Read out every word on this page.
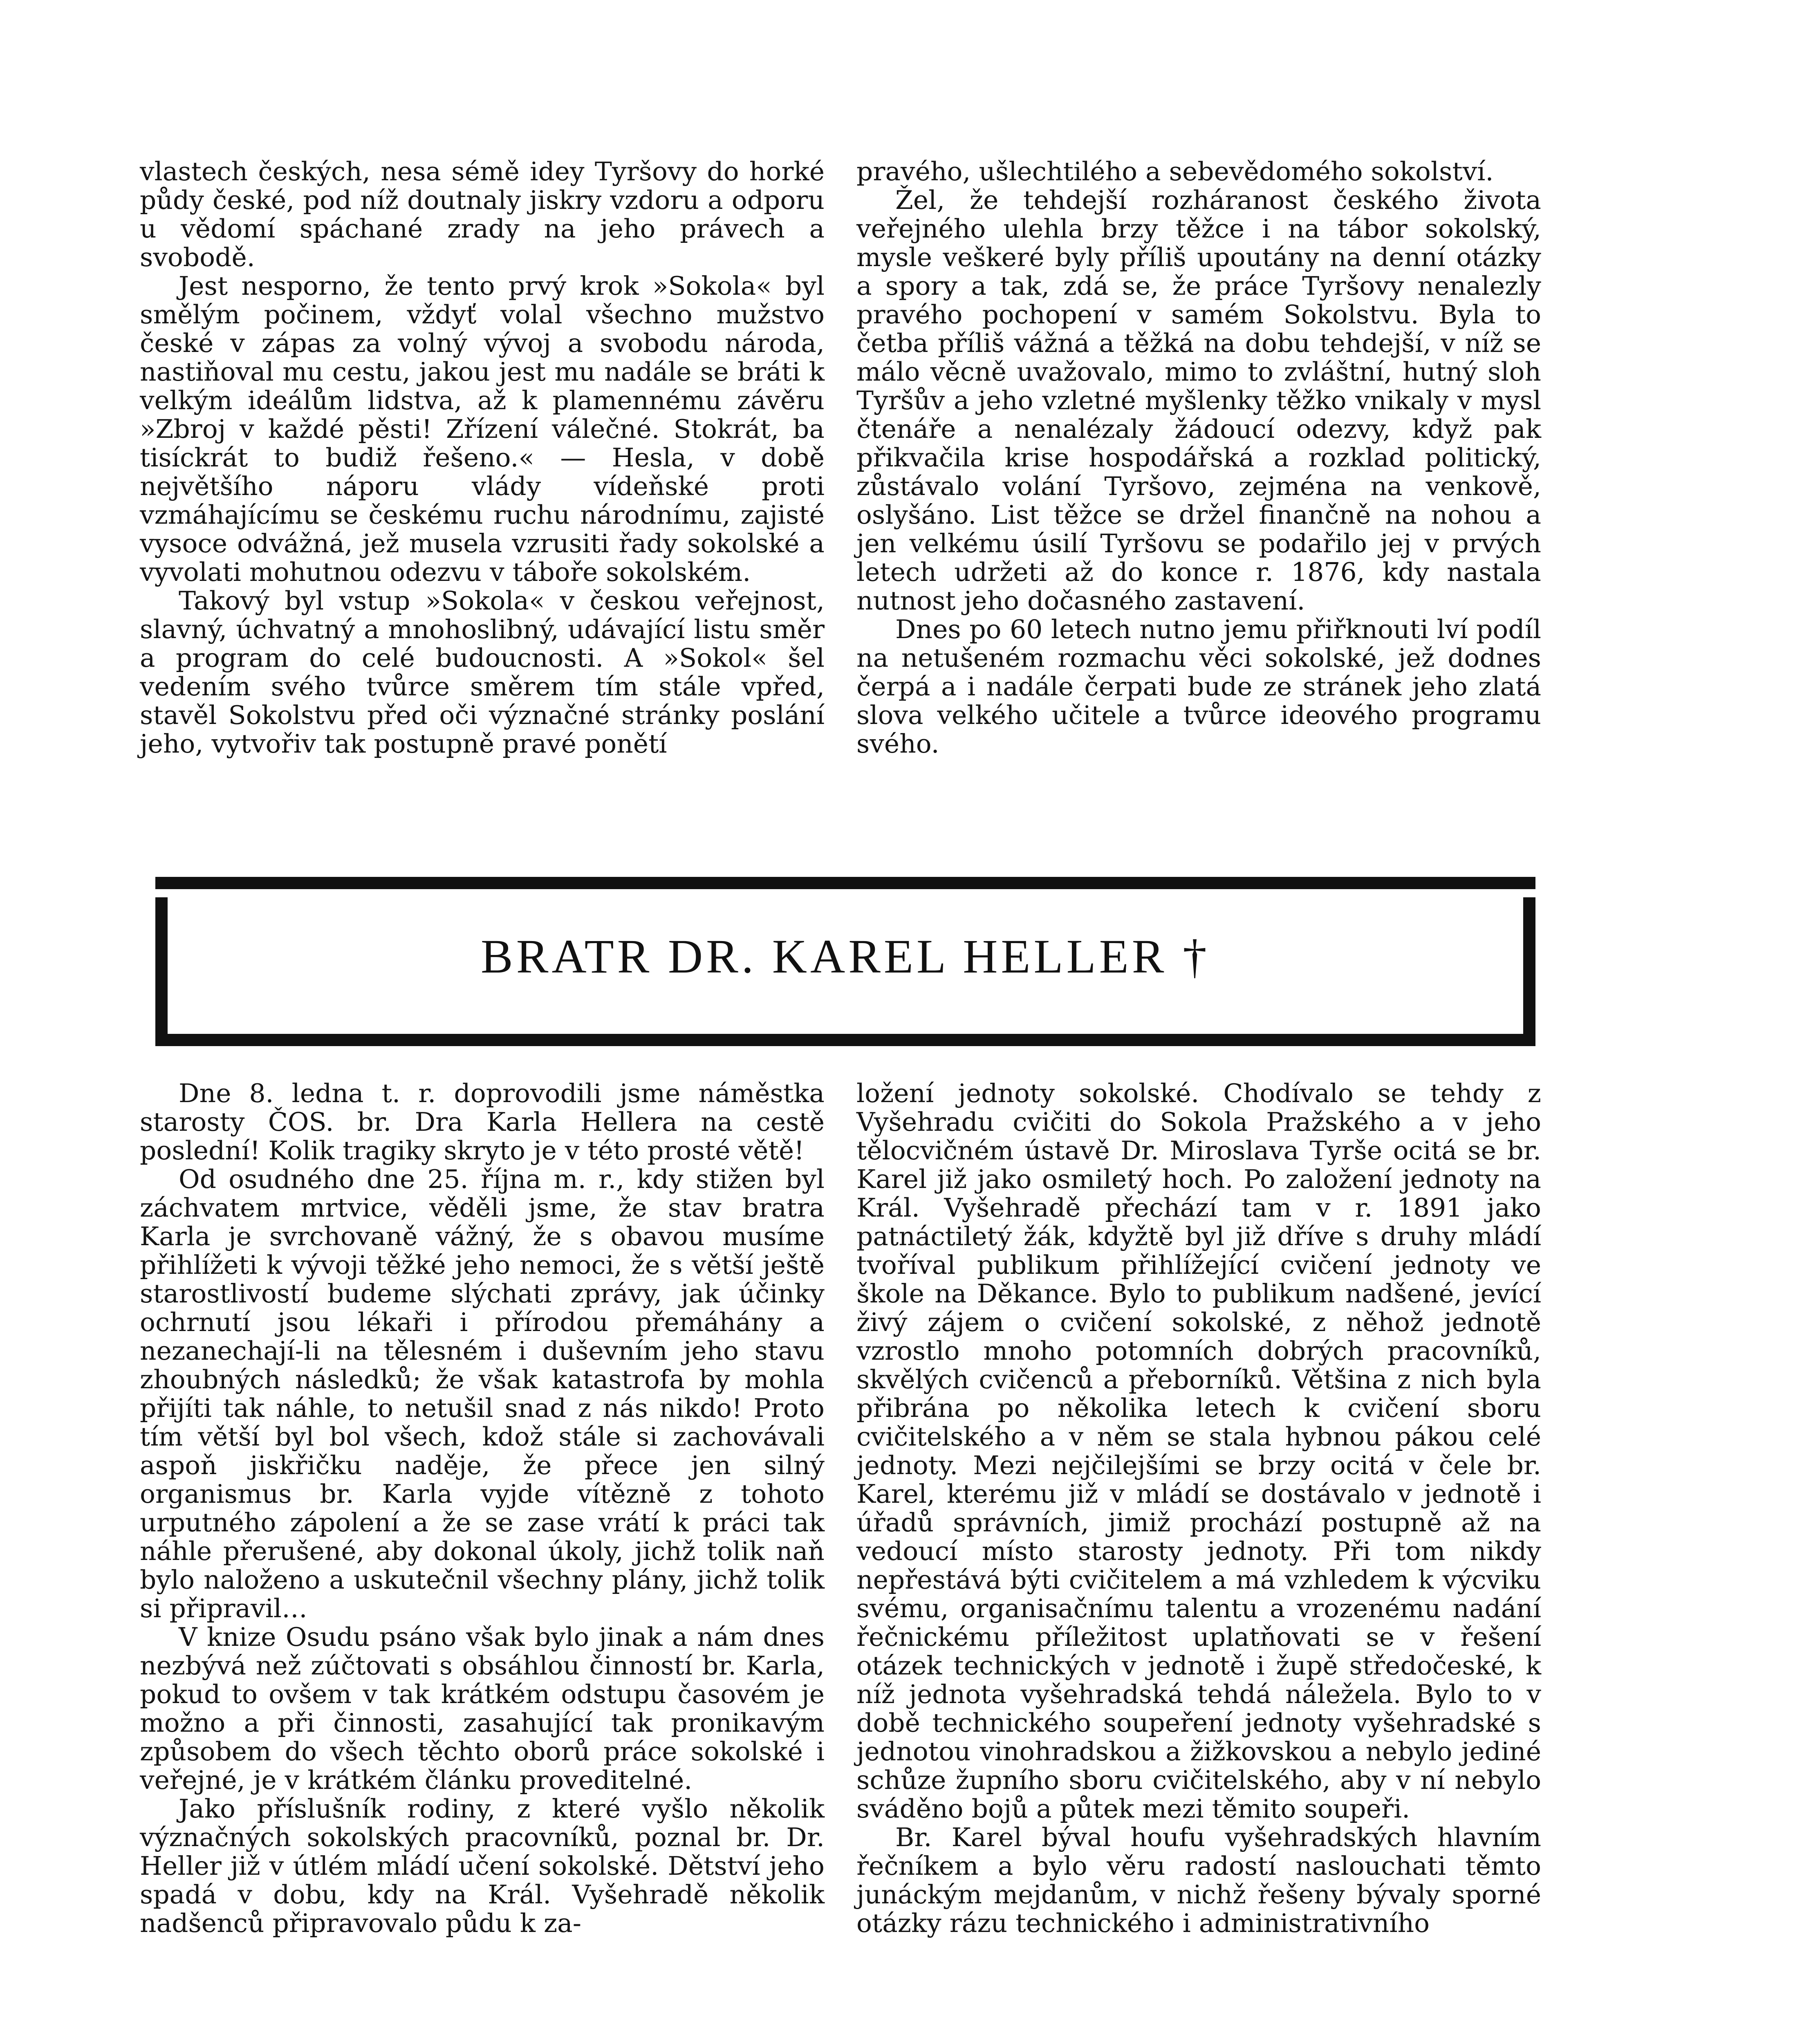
vlastech českých, nesa sémě idey Tyršovy do horké půdy české, pod níž doutnaly jiskry vzdoru a odporu u vědomí spáchané zrady na jeho právech a svobodě.

Jest nesporno, že tento prvý krok »Sokola« byl smělým počinem, vždyť volal všechno mužstvo české v zápas za volný vývoj a svobodu národa, nastiňoval mu cestu, jakou jest mu nadále se bráti k velkým ideálům lidstva, až k plamennému závěru »Zbroj v každé pěsti! Zřízení válečné. Stokrát, ba tisíckrát to budiž řešeno.« — Hesla, v době největšího náporu vlády vídeňské proti vzmáhajícímu se českému ruchu národnímu, zajisté vysoce odvážná, jež musela vzrusiti řady sokolské a vyvolati mohutnou odezvu v táboře sokolském.

Takový byl vstup »Sokola« v českou veřejnost, slavný, úchvatný a mnohoslibný, udávající listu směr a program do celé budoucnosti. A »Sokol« šel vedením svého tvůrce směrem tím stále vpřed, stavěl Sokolstvu před oči význačné stránky poslání jeho, vytvořiv tak postupně pravé ponětí

pravého, ušlechtilého a sebevědomého sokolství.

Žel, že tehdejší rozháranost českého života veřejného ulehla brzy těžce i na tábor sokolský, mysle veškeré byly příliš upoutány na denní otázky a spory a tak, zdá se, že práce Tyršovy nenalezly pravého pochopení v samém Sokolstvu. Byla to četba příliš vážná a těžká na dobu tehdejší, v níž se málo věcně uvažovalo, mimo to zvláštní, hutný sloh Tyršův a jeho vzletné myšlenky těžko vnikaly v mysl čtenáře a nenalézaly žádoucí odezvy, když pak přikvačila krise hospodářská a rozklad politický, zůstávalo volání Tyršovo, zejména na venkově, oslyšáno. List těžce se držel finančně na nohou a jen velkému úsilí Tyršovu se podařilo jej v prvých letech udržeti až do konce r. 1876, kdy nastala nutnost jeho dočasného zastavení.

Dnes po 60 letech nutno jemu přiřknouti lví podíl na netušeném rozmachu věci sokolské, jež dodnes čerpá a i nadále čerpati bude ze stránek jeho zlatá slova velkého učitele a tvůrce ideového programu svého.

BRATR DR. KAREL HELLER †

Dne 8. ledna t. r. doprovodili jsme náměstka starosty ČOS. br. Dra Karla Hellera na cestě poslední! Kolik tragiky skryto je v této prosté větě!

Od osudného dne 25. října m. r., kdy stižen byl záchvatem mrtvice, věděli jsme, že stav bratra Karla je svrchovaně vážný, že s obavou musíme přihlížeti k vývoji těžké jeho nemoci, že s větší ještě starostlivostí budeme slýchati zprávy, jak účinky ochrnutí jsou lékaři i přírodou přemáhány a nezanechají-li na tělesném i duševním jeho stavu zhoubných následků; že však katastrofa by mohla přijíti tak náhle, to netušil snad z nás nikdo! Proto tím větší byl bol všech, kdož stále si zachovávali aspoň jiskřičku naděje, že přece jen silný organismus br. Karla vyjde vítězně z tohoto urputného zápolení a že se zase vrátí k práci tak náhle přerušené, aby dokonal úkoly, jichž tolik naň bylo naloženo a uskutečnil všechny plány, jichž tolik si připravil…

V knize Osudu psáno však bylo jinak a nám dnes nezbývá než zúčtovati s obsáhlou činností br. Karla, pokud to ovšem v tak krátkém odstupu časovém je možno a při činnosti, zasahující tak pronikavým způsobem do všech těchto oborů práce sokolské i veřejné, je v krátkém článku proveditelné.

Jako příslušník rodiny, z které vyšlo několik význačných sokolských pracovníků, poznal br. Dr. Heller již v útlém mládí učení sokolské. Dětství jeho spadá v dobu, kdy na Král. Vyšehradě několik nadšenců připravovalo půdu k za-

ložení jednoty sokolské. Chodívalo se tehdy z Vyšehradu cvičiti do Sokola Pražského a v jeho tělocvičném ústavě Dr. Miroslava Tyrše ocitá se br. Karel již jako osmiletý hoch. Po založení jednoty na Král. Vyšehradě přechází tam v r. 1891 jako patnáctiletý žák, kdyžtě byl již dříve s druhy mládí tvoříval publikum přihlížející cvičení jednoty ve škole na Děkance. Bylo to publikum nadšené, jevící živý zájem o cvičení sokolské, z něhož jednotě vzrostlo mnoho potomních dobrých pracovníků, skvělých cvičenců a přeborníků. Většina z nich byla přibrána po několika letech k cvičení sboru cvičitelského a v něm se stala hybnou pákou celé jednoty. Mezi nejčilejšími se brzy ocitá v čele br. Karel, kterému již v mládí se dostávalo v jednotě i úřadů správních, jimiž prochází postupně až na vedoucí místo starosty jednoty. Při tom nikdy nepřestává býti cvičitelem a má vzhledem k výcviku svému, organisačnímu talentu a vrozenému nadání řečnickému příležitost uplatňovati se v řešení otázek technických v jednotě i župě středočeské, k níž jednota vyšehradská tehdá náležela. Bylo to v době technického soupeření jednoty vyšehradské s jednotou vinohradskou a žižkovskou a nebylo jediné schůze župního sboru cvičitelského, aby v ní nebylo sváděno bojů a půtek mezi těmito soupeři.

Br. Karel býval houfu vyšehradských hlavním řečníkem a bylo věru radostí naslouchati těmto junáckým mejdanům, v nichž řešeny bývaly sporné otázky rázu technického i administrativního
